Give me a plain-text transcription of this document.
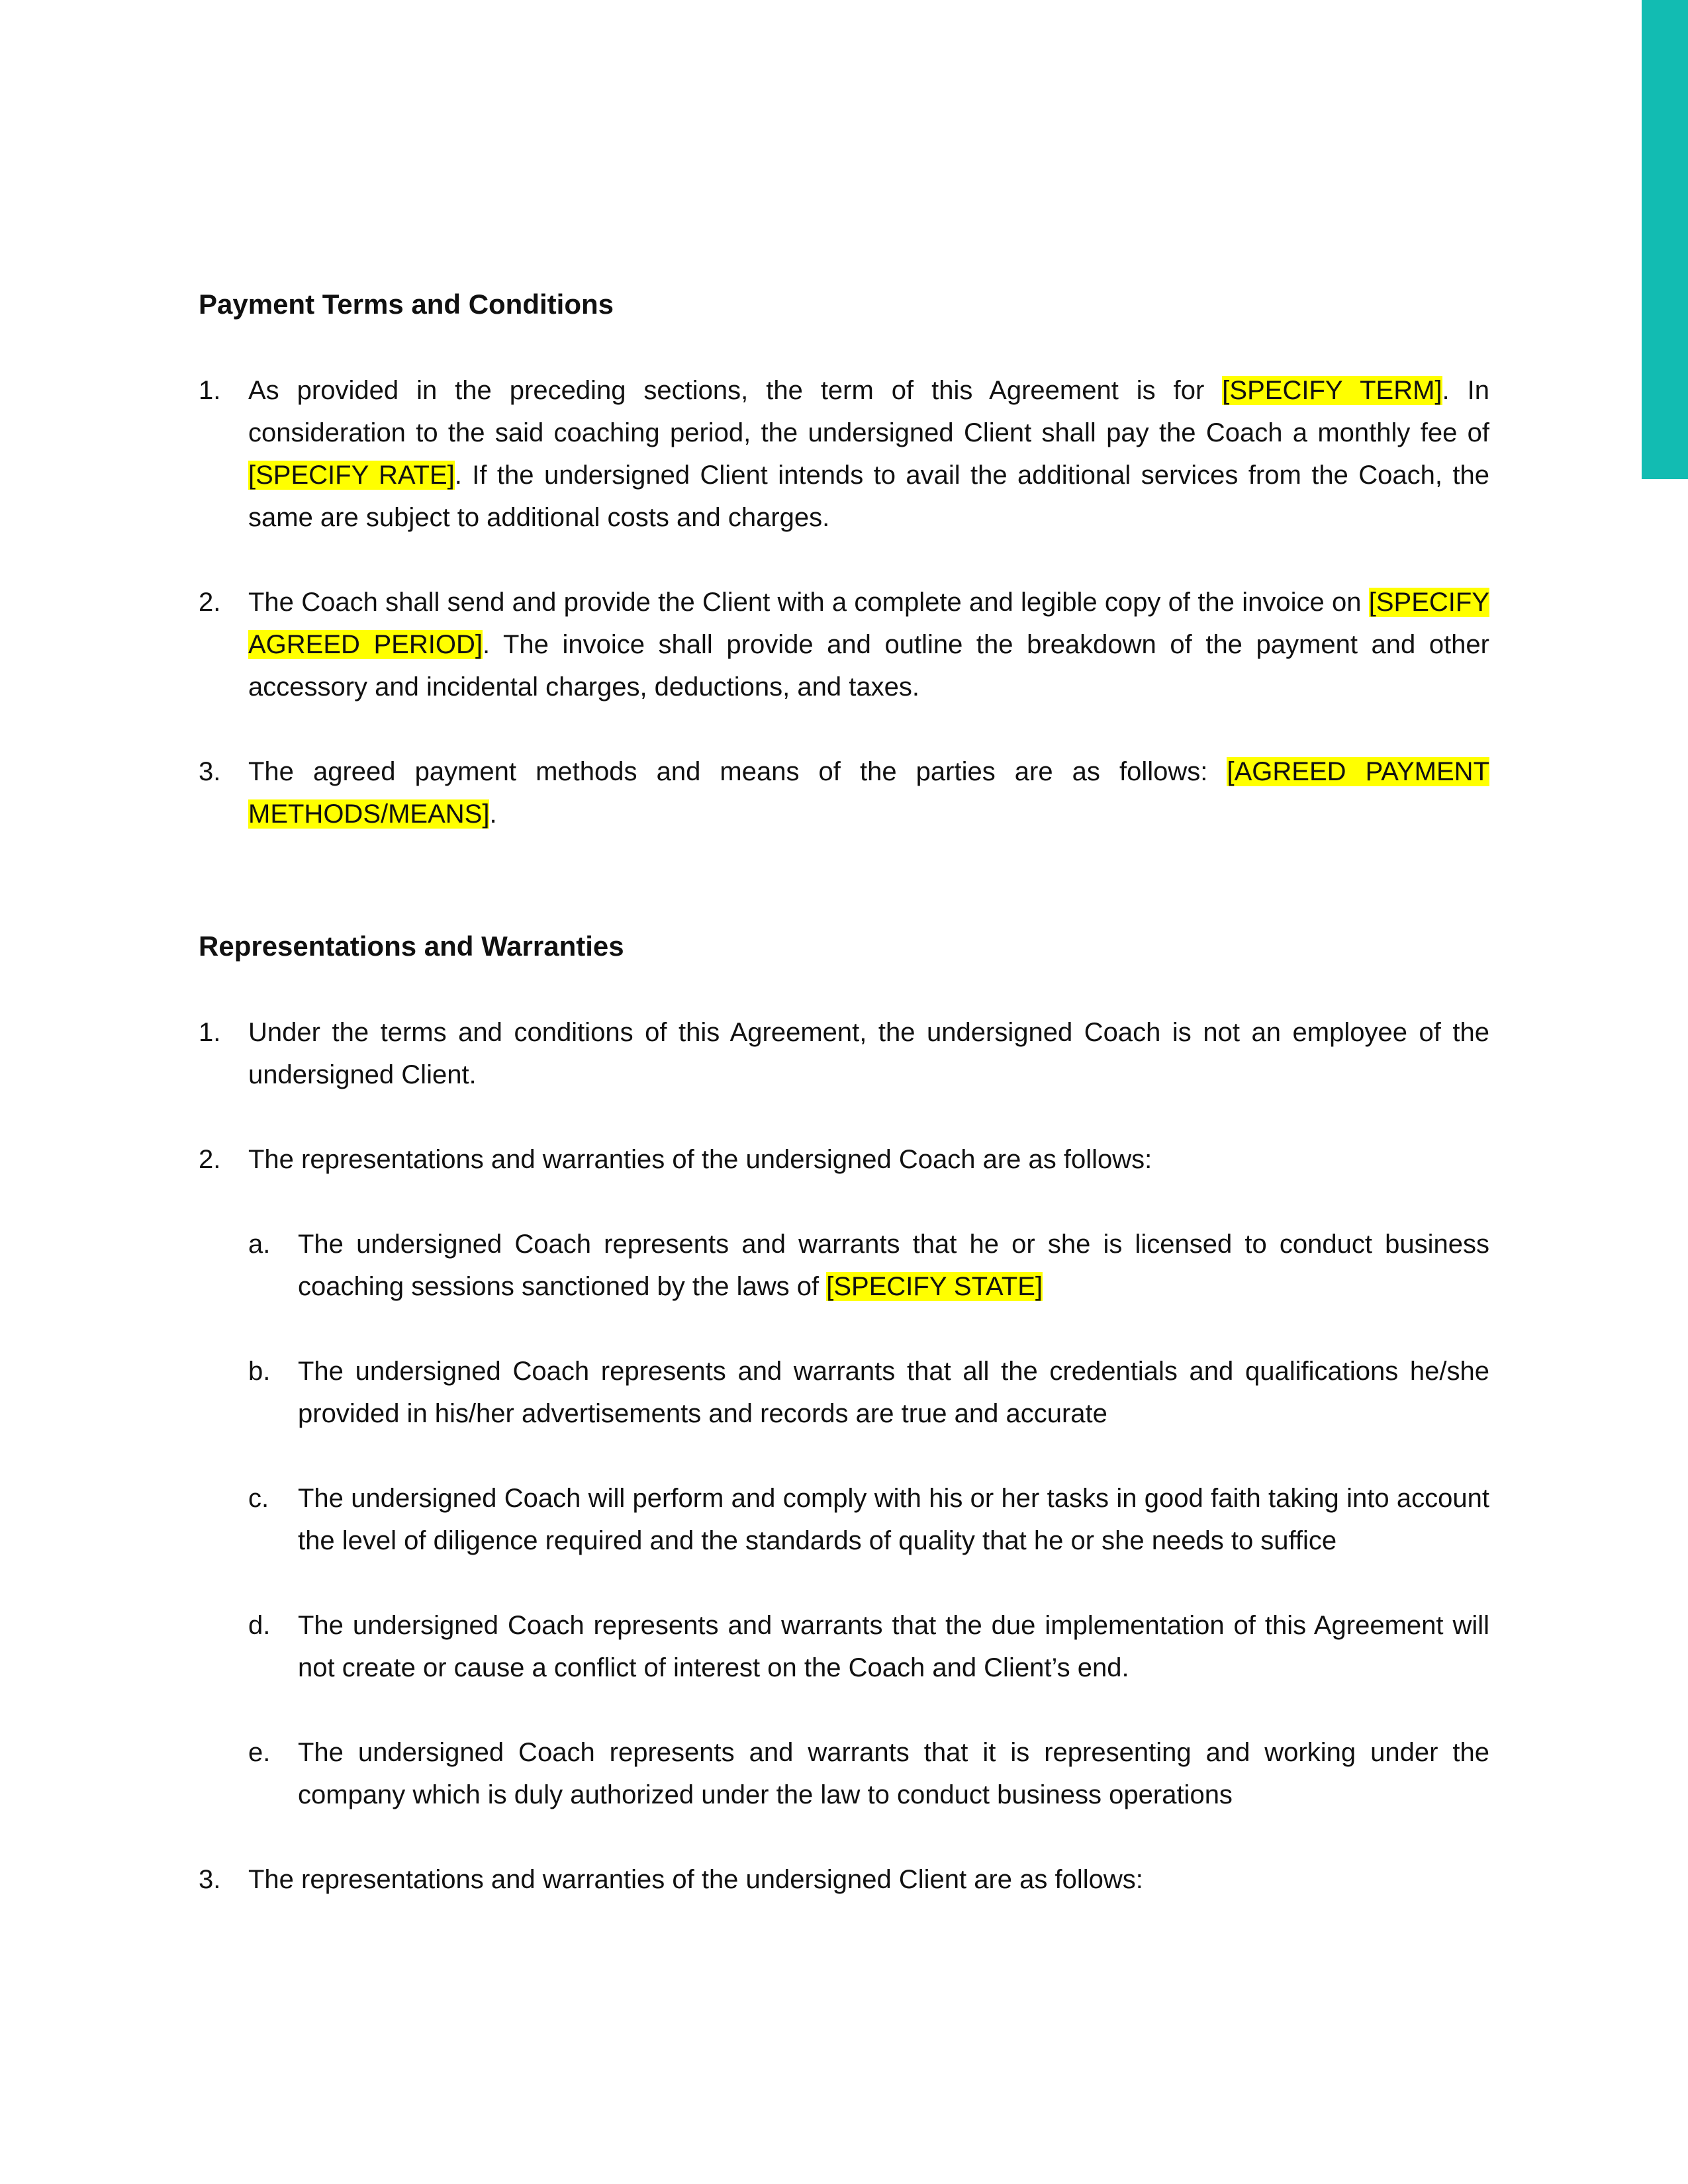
Payment Terms and Conditions
1. As provided in the preceding sections, the term of this Agreement is for [SPECIFY TERM]. In consideration to the said coaching period, the undersigned Client shall pay the Coach a monthly fee of [SPECIFY RATE]. If the undersigned Client intends to avail the additional services from the Coach, the same are subject to additional costs and charges.
2. The Coach shall send and provide the Client with a complete and legible copy of the invoice on [SPECIFY AGREED PERIOD]. The invoice shall provide and outline the breakdown of the payment and other accessory and incidental charges, deductions, and taxes.
3. The agreed payment methods and means of the parties are as follows: [AGREED PAYMENT METHODS/MEANS].
Representations and Warranties
1. Under the terms and conditions of this Agreement, the undersigned Coach is not an employee of the undersigned Client.
2. The representations and warranties of the undersigned Coach are as follows:
a. The undersigned Coach represents and warrants that he or she is licensed to conduct business coaching sessions sanctioned by the laws of [SPECIFY STATE]
b. The undersigned Coach represents and warrants that all the credentials and qualifications he/she provided in his/her advertisements and records are true and accurate
c. The undersigned Coach will perform and comply with his or her tasks in good faith taking into account the level of diligence required and the standards of quality that he or she needs to suffice
d. The undersigned Coach represents and warrants that the due implementation of this Agreement will not create or cause a conflict of interest on the Coach and Client’s end.
e. The undersigned Coach represents and warrants that it is representing and working under the company which is duly authorized under the law to conduct business operations
3. The representations and warranties of the undersigned Client are as follows:
